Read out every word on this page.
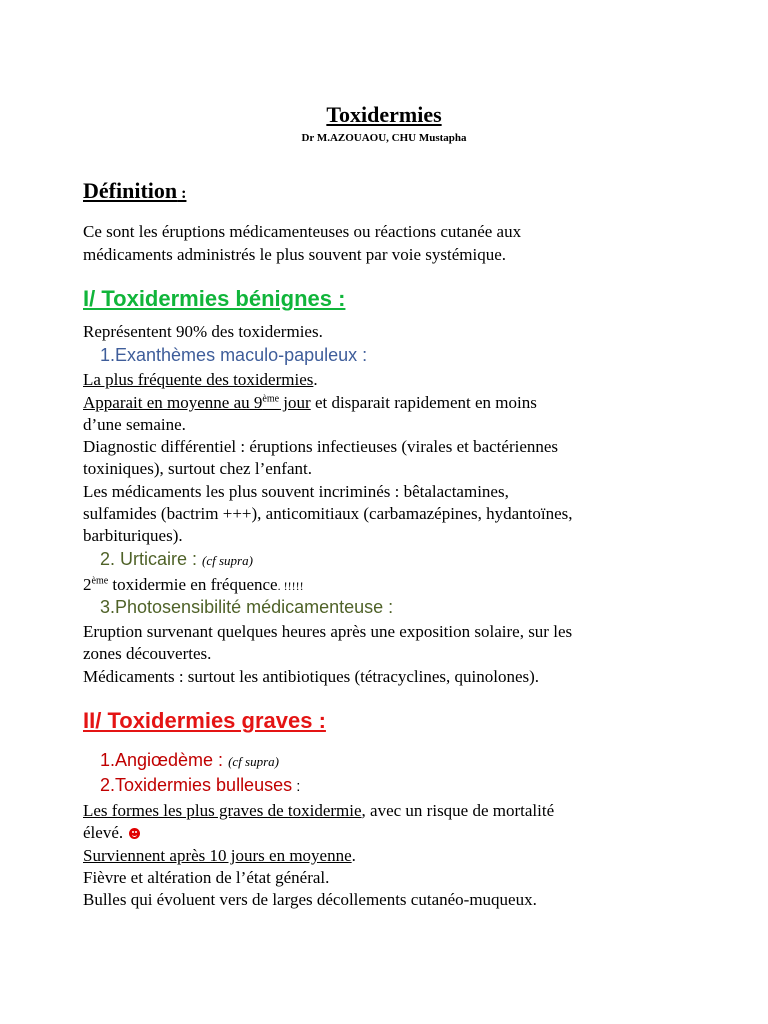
Toxidermies

Dr M.AZOUAOU, CHU Mustapha

Définition :

Ce sont les éruptions médicamenteuses ou réactions cutanée aux

médicaments administrés le plus souvent par voie systémique.

I/ Toxidermies bénignes :

Représentent 90% des toxidermies.

1.Exanthèmes maculo-papuleux :

La plus fréquente des toxidermies.

Apparait en moyenne au 9ème jour et disparait rapidement en moins

d’une semaine.

Diagnostic différentiel : éruptions infectieuses (virales et bactériennes

toxiniques), surtout chez l’enfant.

Les médicaments les plus souvent incriminés : bêtalactamines,

sulfamides (bactrim +++), anticomitiaux (carbamazépines, hydantoïnes,

barbituriques).

2. Urticaire : (cf supra)

2ème toxidermie en fréquence. !!!!!

3.Photosensibilité médicamenteuse :

Eruption survenant quelques heures après une exposition solaire, sur les

zones découvertes.

Médicaments : surtout les antibiotiques (tétracyclines, quinolones).

II/ Toxidermies graves :

1.Angiœdème : (cf supra)

2.Toxidermies bulleuses :

Les formes les plus graves de toxidermie, avec un risque de mortalité

élevé.

Surviennent après 10 jours en moyenne.

Fièvre et altération de l’état général.

Bulles qui évoluent vers de larges décollements cutanéo-muqueux.
